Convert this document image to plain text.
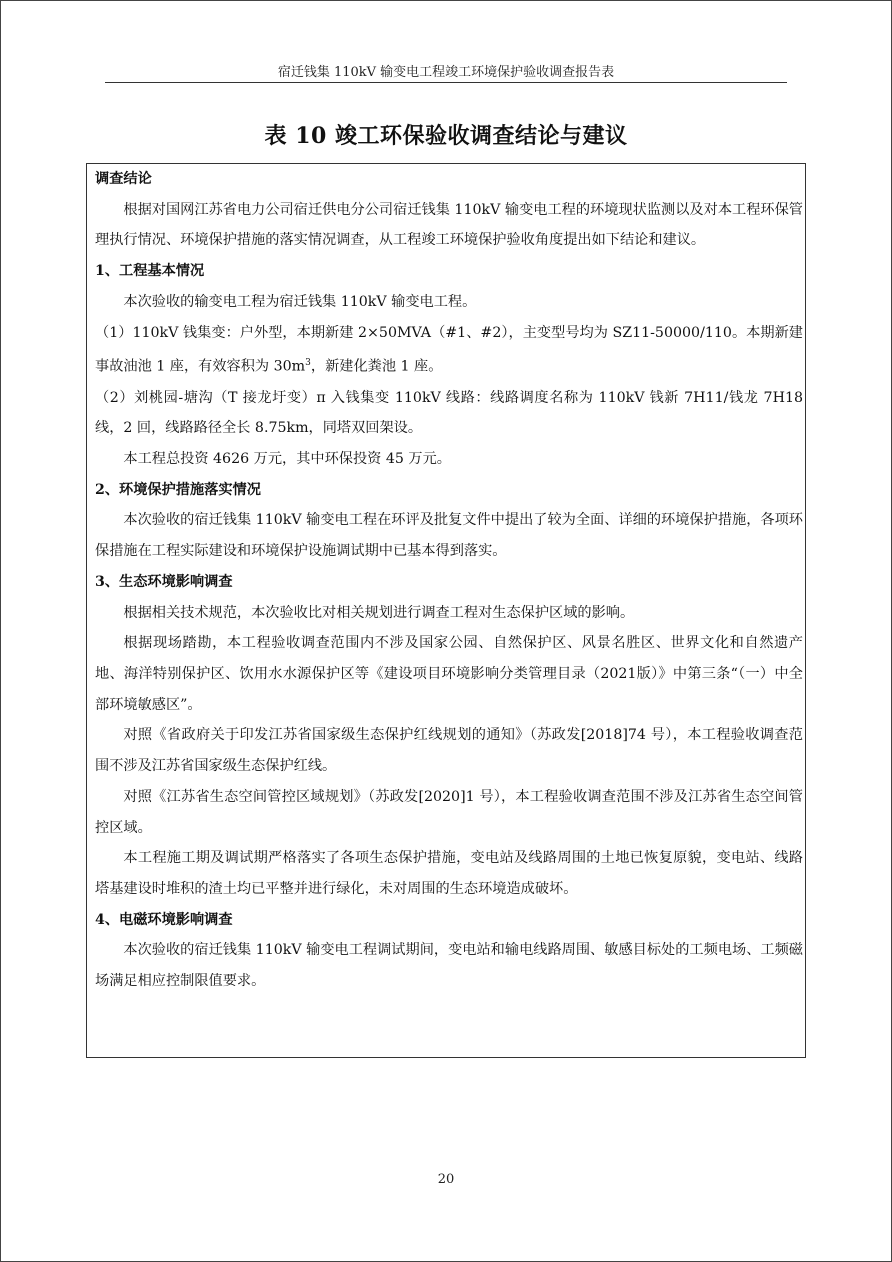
宿迁钱集 110kV 输变电工程竣工环境保护验收调查报告表
表 10 竣工环保验收调查结论与建议

调查结论

根据对国网江苏省电力公司宿迁供电分公司宿迁钱集 110kV 输变电工程的环境现状监测以及对本工程环保管理执行情况、环境保护措施的落实情况调查，从工程竣工环境保护验收角度提出如下结论和建议。

1、工程基本情况

本次验收的输变电工程为宿迁钱集 110kV 输变电工程。

（1）110kV 钱集变：户外型，本期新建 2×50MVA（#1、#2），主变型号均为 SZ11-50000/110。本期新建事故油池 1 座，有效容积为 $30m^3$，新建化粪池 1 座。

（2）刘桃园-塘沟（T 接龙圩变）π 入钱集变 110kV 线路：线路调度名称为 110kV 钱新 7H11/钱龙 7H18 线，2 回，线路路径全长 8.75km，同塔双回架设。

本工程总投资 4626 万元，其中环保投资 45 万元。

2、环境保护措施落实情况

本次验收的宿迁钱集 110kV 输变电工程在环评及批复文件中提出了较为全面、详细的环境保护措施，各项环保措施在工程实际建设和环境保护设施调试期中已基本得到落实。

3、生态环境影响调查

根据相关技术规范，本次验收比对相关规划进行调查工程对生态保护区域的影响。

根据现场踏勘，本工程验收调查范围内不涉及国家公园、自然保护区、风景名胜区、世界文化和自然遗产地、海洋特别保护区、饮用水水源保护区等《建设项目环境影响分类管理目录（2021版）》中第三条“（一）中全部环境敏感区”。

对照《省政府关于印发江苏省国家级生态保护红线规划的通知》（苏政发[2018]74 号），本工程验收调查范围不涉及江苏省国家级生态保护红线。

对照《江苏省生态空间管控区域规划》（苏政发[2020]1 号），本工程验收调查范围不涉及江苏省生态空间管控区域。

本工程施工期及调试期严格落实了各项生态保护措施，变电站及线路周围的土地已恢复原貌，变电站、线路塔基建设时堆积的渣土均已平整并进行绿化，未对周围的生态环境造成破坏。

4、电磁环境影响调查

本次验收的宿迁钱集 110kV 输变电工程调试期间，变电站和输电线路周围、敏感目标处的工频电场、工频磁场满足相应控制限值要求。

20
